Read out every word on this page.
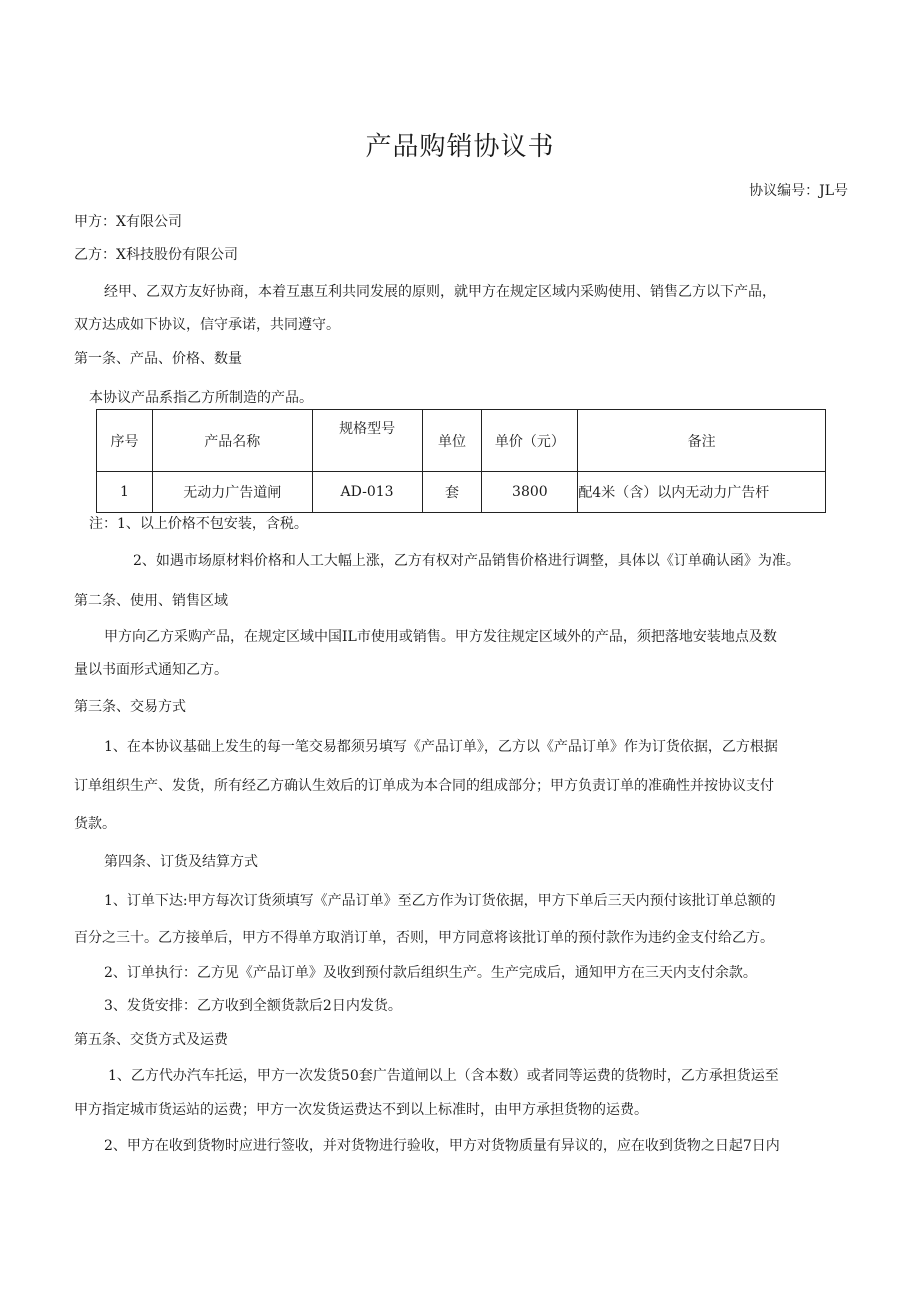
产品购销协议书
协议编号：JL号
甲方：X有限公司
乙方：X科技股份有限公司
经甲、乙双方友好协商，本着互惠互利共同发展的原则，就甲方在规定区域内采购使用、销售乙方以下产品，
双方达成如下协议，信守承诺，共同遵守。
第一条、产品、价格、数量
本协议产品系指乙方所制造的产品。
序号	产品名称	规格型号	单位	单价（元）	备注
1	无动力广告道闸	AD-013	套	3800	配4米（含）以内无动力广告杆
注：1、以上价格不包安装，含税。
2、如遇市场原材料价格和人工大幅上涨，乙方有权对产品销售价格进行调整，具体以《订单确认函》为准。
第二条、使用、销售区域
甲方向乙方采购产品，在规定区域中国IL市使用或销售。甲方发往规定区域外的产品，须把落地安装地点及数
量以书面形式通知乙方。
第三条、交易方式
1、在本协议基础上发生的每一笔交易都须另填写《产品订单》，乙方以《产品订单》作为订货依据，乙方根据
订单组织生产、发货，所有经乙方确认生效后的订单成为本合同的组成部分；甲方负责订单的准确性并按协议支付
货款。
第四条、订货及结算方式
1、订单下达:甲方每次订货须填写《产品订单》至乙方作为订货依据，甲方下单后三天内预付该批订单总额的
百分之三十。乙方接单后，甲方不得单方取消订单，否则，甲方同意将该批订单的预付款作为违约金支付给乙方。
2、订单执行：乙方见《产品订单》及收到预付款后组织生产。生产完成后，通知甲方在三天内支付余款。
3、发货安排：乙方收到全额货款后2日内发货。
第五条、交货方式及运费
1、乙方代办汽车托运，甲方一次发货50套广告道闸以上（含本数）或者同等运费的货物时，乙方承担货运至
甲方指定城市货运站的运费；甲方一次发货运费达不到以上标准时，由甲方承担货物的运费。
2、甲方在收到货物时应进行签收，并对货物进行验收，甲方对货物质量有异议的，应在收到货物之日起7日内
